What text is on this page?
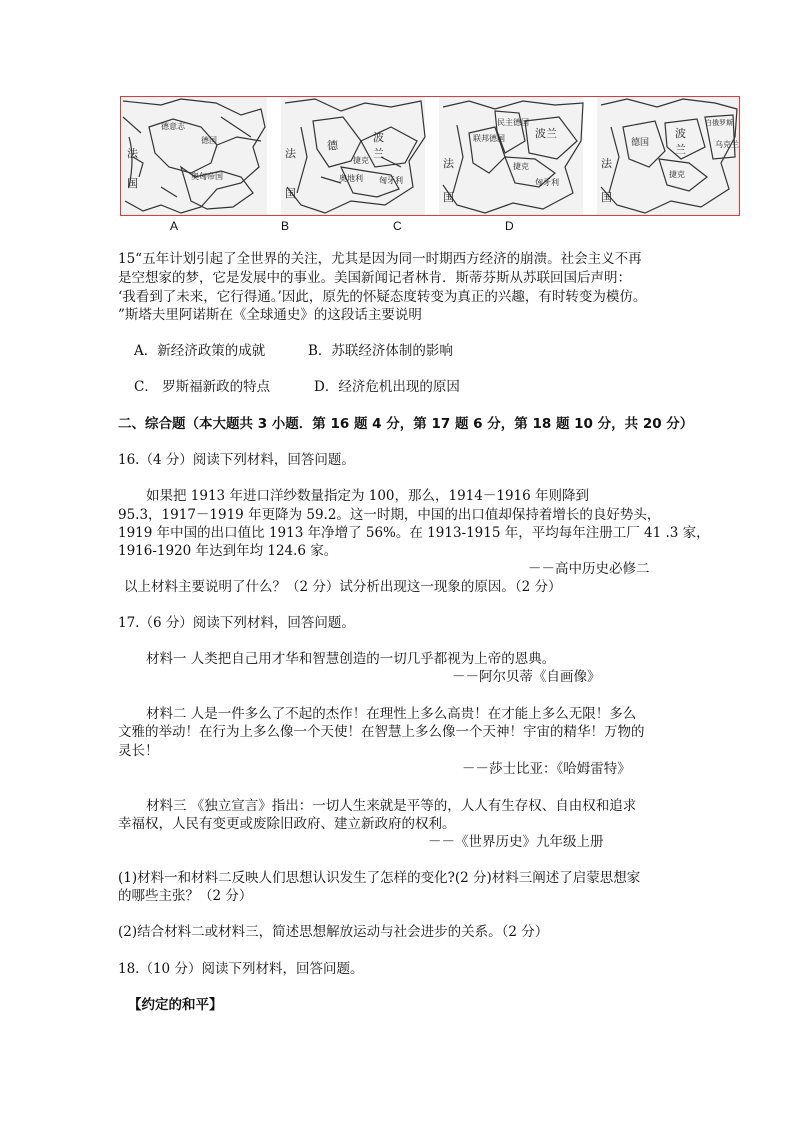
德意志
德国
奥匈帝国
法
国
德
波
兰
法
国
捷克
匈牙利
奥地利
联邦德国
民主德国
波兰
捷克
匈牙利
法
国
德国
波
兰
白俄罗斯
乌克兰
捷克
法
国
A	B	C	D
15“五年计划引起了全世界的关注，尤其是因为同一时期西方经济的崩溃。社会主义不再
是空想家的梦，它是发展中的事业。美国新闻记者林肯．斯蒂芬斯从苏联回国后声明：
‘我看到了未来，它行得通。’因此，原先的怀疑态度转变为真正的兴趣，有时转变为模仿。
”斯塔夫里阿诺斯在《全球通史》的这段话主要说明
A．新经济政策的成就	B．苏联经济体制的影响
C． 罗斯福新政的特点	D．经济危机出现的原因
二、综合题（本大题共 3 小题．第 16 题 4 分，第 17 题 6 分，第 18 题 10 分，共 20 分）
16.（4 分）阅读下列材料，回答问题。
如果把 1913 年进口洋纱数量指定为 100，那么，1914－1916 年则降到
95.3，1917－1919 年更降为 59.2。这一时期，中国的出口值却保持着增长的良好势头，
1919 年中国的出口值比 1913 年净增了 56%。在 1913-1915 年，平均每年注册工厂 41 .3 家，
1916-1920 年达到年均 124.6 家。
－－高中历史必修二
以上材料主要说明了什么？（2 分）试分析出现这一现象的原因。（2 分）
17.（6 分）阅读下列材料，回答问题。
材料一 人类把自己用才华和智慧创造的一切几乎都视为上帝的恩典。
－－阿尔贝蒂《自画像》
材料二 人是一件多么了不起的杰作！在理性上多么高贵！在才能上多么无限！多么
文雅的举动！在行为上多么像一个天使！在智慧上多么像一个天神！宇宙的精华！万物的
灵长！
－－莎士比亚：《哈姆雷特》
材料三 《独立宣言》指出：一切人生来就是平等的，人人有生存权、自由权和追求
幸福权，人民有变更或废除旧政府、建立新政府的权利。
－－《世界历史》九年级上册
(1)材料一和材料二反映人们思想认识发生了怎样的变化?(2 分)材料三阐述了启蒙思想家
的哪些主张？（2 分）
(2)结合材料二或材料三，简述思想解放运动与社会进步的关系。（2 分）
18.（10 分）阅读下列材料，回答问题。
【约定的和平】
